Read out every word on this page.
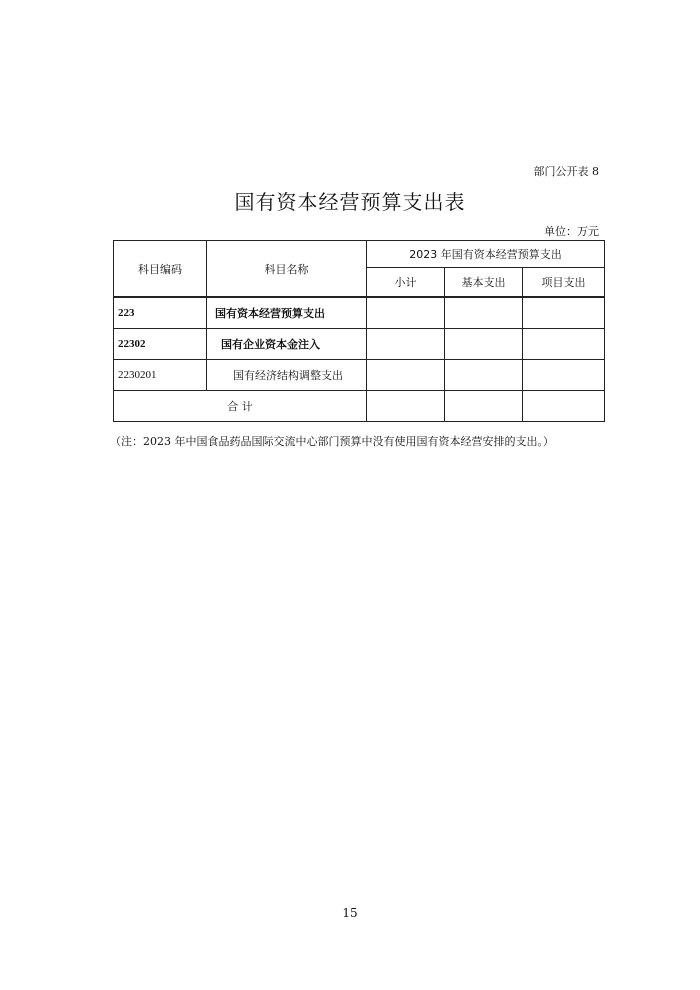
部门公开表 8
国有资本经营预算支出表
单位：万元
科目编码	科目名称	2023 年国有资本经营预算支出		
		小计	基本支出	项目支出
223	国有资本经营预算支出			
22302	国有企业资本金注入			
2230201	国有经济结构调整支出			
合 计				
（注：2023 年中国食品药品国际交流中心部门预算中没有使用国有资本经营安排的支出。）
15
